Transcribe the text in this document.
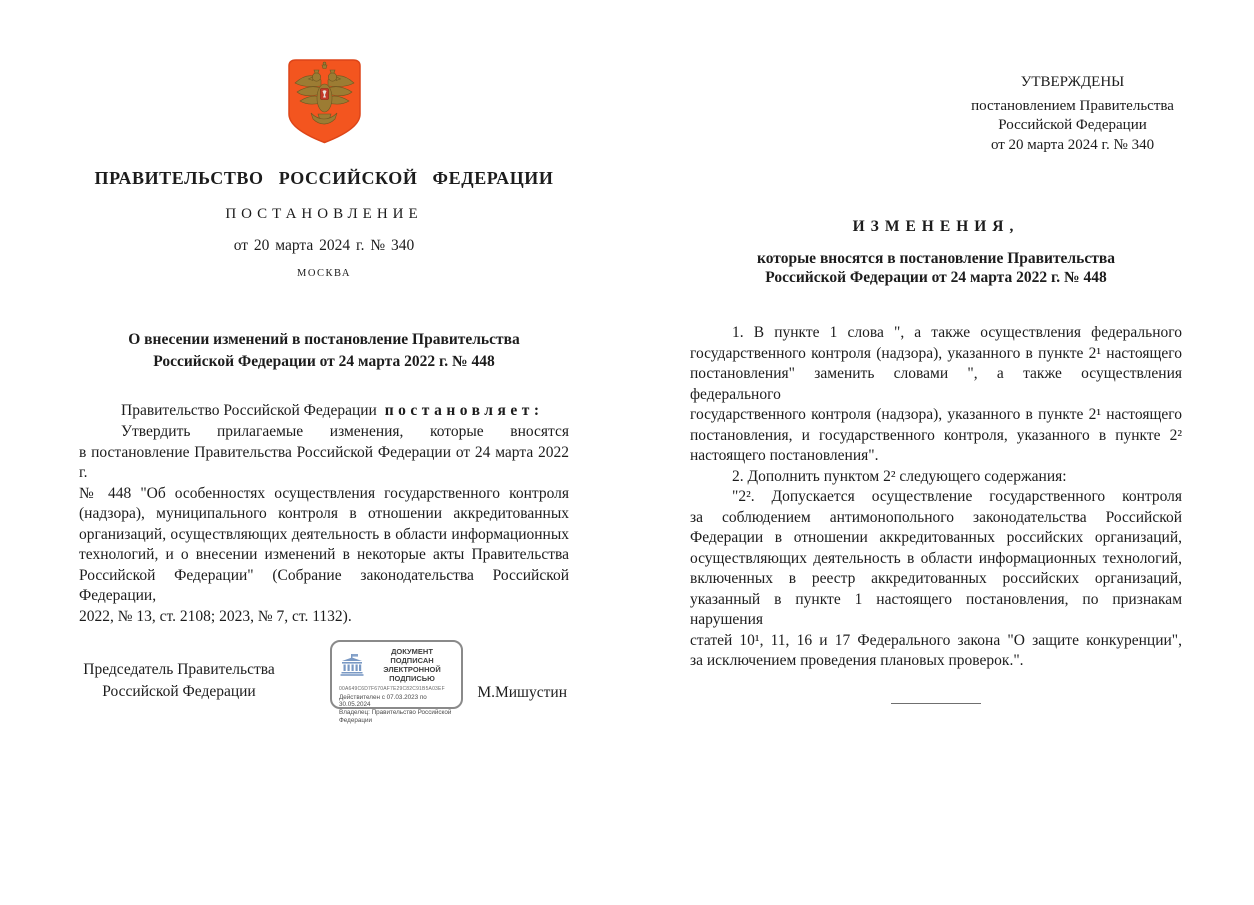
ПРАВИТЕЛЬСТВО РОССИЙСКОЙ ФЕДЕРАЦИИ
ПОСТАНОВЛЕНИЕ
от 20 марта 2024 г. № 340
МОСКВА
О внесении изменений в постановление Правительства
Российской Федерации от 24 марта 2022 г. № 448
Правительство Российской Федерации постановляет:
Утвердить прилагаемые изменения, которые вносятся
в постановление Правительства Российской Федерации от 24 марта 2022 г.
№ 448 "Об особенностях осуществления государственного контроля
(надзора), муниципального контроля в отношении аккредитованных
организаций, осуществляющих деятельность в области информационных
технологий, и о внесении изменений в некоторые акты Правительства
Российской Федерации" (Собрание законодательства Российской Федерации,
2022, № 13, ст. 2108; 2023, № 7, ст. 1132).
Председатель Правительства
Российской Федерации
ДОКУМЕНТ ПОДПИСАН
ЭЛЕКТРОННОЙ ПОДПИСЬЮ
00A649C6D7F670AF7E29C82C91B5A03EF
Действителен с 07.03.2023 по 30.05.2024
Владелец: Правительство Российской
Федерации
М.Мишустин
УТВЕРЖДЕНЫ
постановлением Правительства
Российской Федерации
от 20 марта 2024 г. № 340
ИЗМЕНЕНИЯ,
которые вносятся в постановление Правительства
Российской Федерации от 24 марта 2022 г. № 448
1. В пункте 1 слова ", а также осуществления федерального
государственного контроля (надзора), указанного в пункте 2¹ настоящего
постановления" заменить словами ", а также осуществления федерального
государственного контроля (надзора), указанного в пункте 2¹ настоящего
постановления, и государственного контроля, указанного в пункте 2²
настоящего постановления".
2. Дополнить пунктом 2² следующего содержания:
"2². Допускается осуществление государственного контроля
за соблюдением антимонопольного законодательства Российской
Федерации в отношении аккредитованных российских организаций,
осуществляющих деятельность в области информационных технологий,
включенных в реестр аккредитованных российских организаций,
указанный в пункте 1 настоящего постановления, по признакам нарушения
статей 10¹, 11, 16 и 17 Федерального закона "О защите конкуренции",
за исключением проведения плановых проверок.".
